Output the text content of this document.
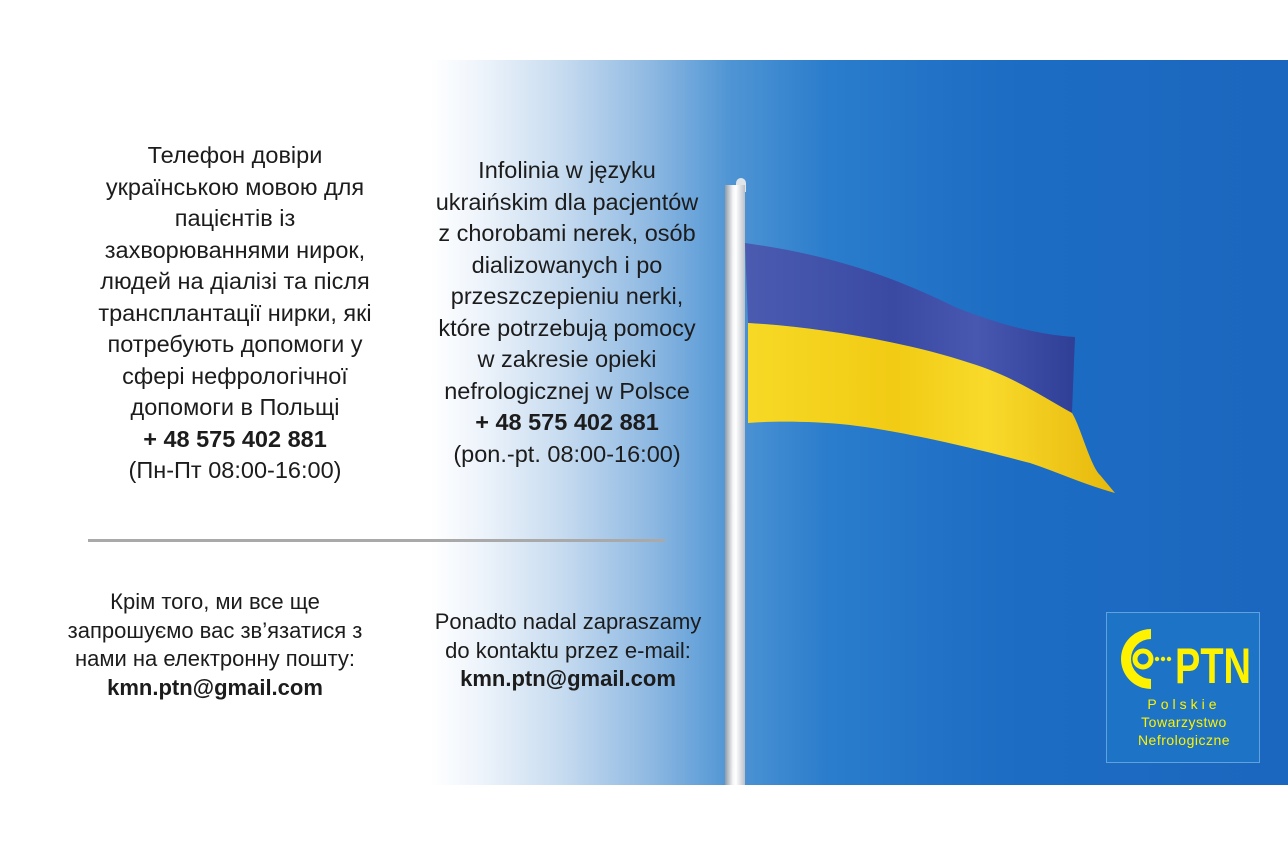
Телефон довіри
українською мовою для
пацієнтів із
захворюваннями нирок,
людей на діалізі та після
трансплантації нирки, які
потребують допомоги у
сфері нефрологічної
допомоги в Польщі
+ 48 575 402 881
(Пн-Пт 08:00-16:00)
Infolinia w języku
ukraińskim dla pacjentów
z chorobami nerek, osób
dializowanych i po
przeszczepieniu nerki,
które potrzebują pomocy
w zakresie opieki
nefrologicznej w Polsce
+ 48 575 402 881
(pon.-pt. 08:00-16:00)
Крім того, ми все ще
запрошуємо вас зв’язатися з
нами на електронну пошту:
kmn.ptn@gmail.com
Ponadto nadal zapraszamy
do kontaktu przez e-mail:
kmn.ptn@gmail.com	PTN
Polskie
Towarzystwo
Nefrologiczne
